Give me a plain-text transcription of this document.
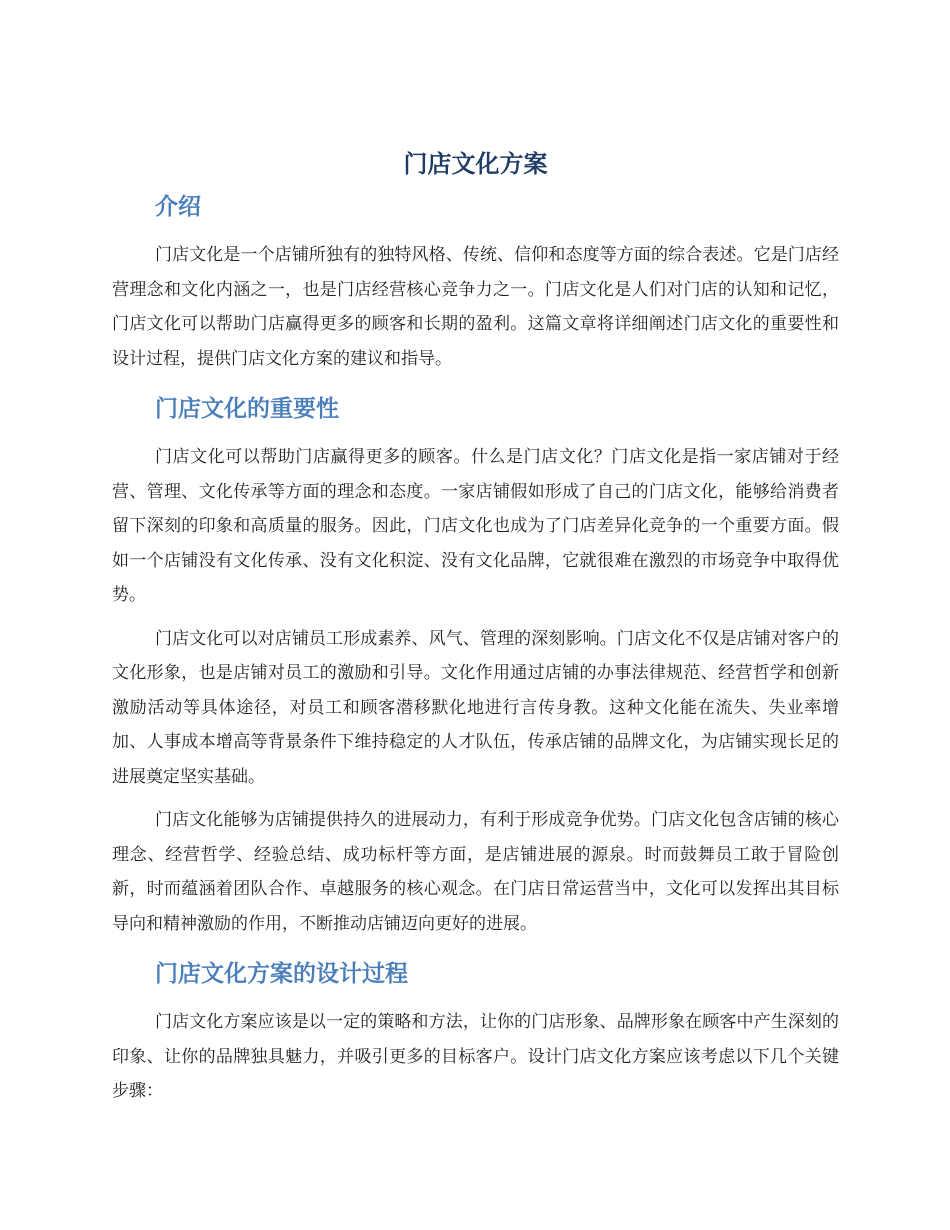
门店文化方案
介绍

门店文化是一个店铺所独有的独特风格、传统、信仰和态度等方面的综合表述。它是门店经营理念和文化内涵之一，也是门店经营核心竞争力之一。门店文化是人们对门店的认知和记忆，门店文化可以帮助门店赢得更多的顾客和长期的盈利。这篇文章将详细阐述门店文化的重要性和设计过程，提供门店文化方案的建议和指导。

门店文化的重要性

门店文化可以帮助门店赢得更多的顾客。什么是门店文化？门店文化是指一家店铺对于经营、管理、文化传承等方面的理念和态度。一家店铺假如形成了自己的门店文化，能够给消费者留下深刻的印象和高质量的服务。因此，门店文化也成为了门店差异化竞争的一个重要方面。假如一个店铺没有文化传承、没有文化积淀、没有文化品牌，它就很难在激烈的市场竞争中取得优势。

门店文化可以对店铺员工形成素养、风气、管理的深刻影响。门店文化不仅是店铺对客户的文化形象，也是店铺对员工的激励和引导。文化作用通过店铺的办事法律规范、经营哲学和创新激励活动等具体途径，对员工和顾客潜移默化地进行言传身教。这种文化能在流失、失业率增加、人事成本增高等背景条件下维持稳定的人才队伍，传承店铺的品牌文化，为店铺实现长足的进展奠定坚实基础。

门店文化能够为店铺提供持久的进展动力，有利于形成竞争优势。门店文化包含店铺的核心理念、经营哲学、经验总结、成功标杆等方面，是店铺进展的源泉。时而鼓舞员工敢于冒险创新，时而蕴涵着团队合作、卓越服务的核心观念。在门店日常运营当中，文化可以发挥出其目标导向和精神激励的作用，不断推动店铺迈向更好的进展。

门店文化方案的设计过程

门店文化方案应该是以一定的策略和方法，让你的门店形象、品牌形象在顾客中产生深刻的印象、让你的品牌独具魅力，并吸引更多的目标客户。设计门店文化方案应该考虑以下几个关键步骤：
